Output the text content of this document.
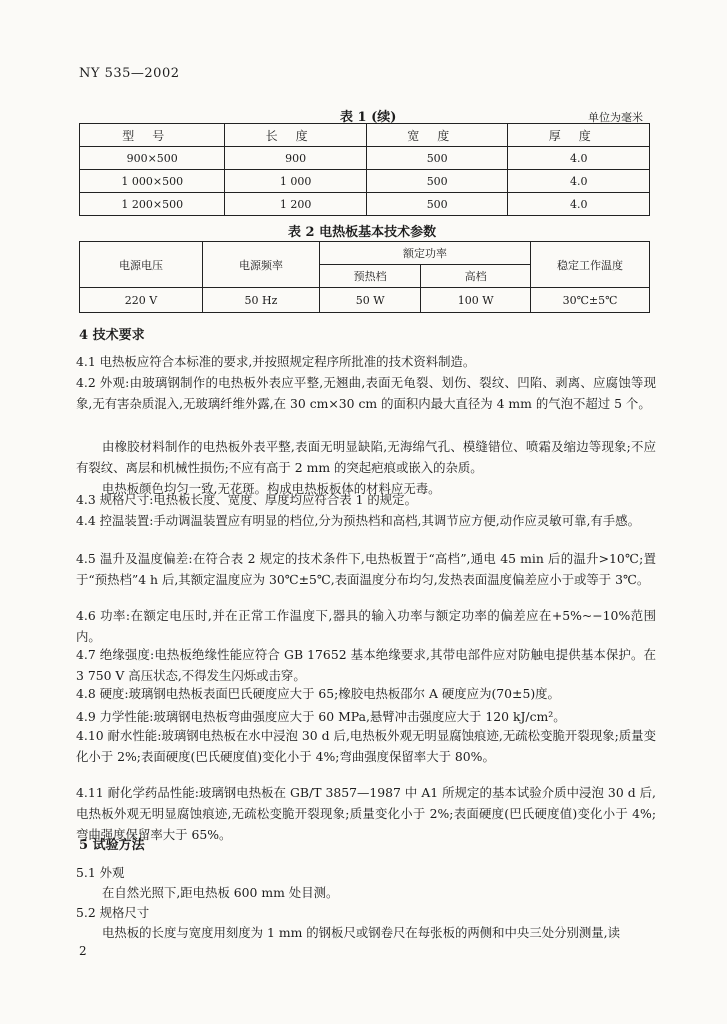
NY 535—2002
表 1 (续)	单位为毫米
型号	长度	宽度	厚度
900×500	900	500	4.0
1 000×500	1 000	500	4.0
1 200×500	1 200	500	4.0
表 2 电热板基本技术参数
电源电压	电源频率	额定功率		稳定工作温度
		预热档	高档	
220 V	50 Hz	50 W	100 W	30℃±5℃
4 技术要求
4.1 电热板应符合本标准的要求,并按照规定程序所批准的技术资料制造。
4.2 外观:由玻璃钢制作的电热板外表应平整,无翘曲,表面无龟裂、划伤、裂纹、凹陷、剥离、应腐蚀等现象,无有害杂质混入,无玻璃纤维外露,在 30 cm×30 cm 的面积内最大直径为 4 mm 的气泡不超过 5 个。
由橡胶材料制作的电热板外表平整,表面无明显缺陷,无海绵气孔、模缝错位、喷霜及缩边等现象;不应有裂纹、离层和机械性损伤;不应有高于 2 mm 的突起疤痕或嵌入的杂质。
电热板颜色均匀一致,无花斑。构成电热板板体的材料应无毒。
4.3 规格尺寸:电热板长度、宽度、厚度均应符合表 1 的规定。
4.4 控温装置:手动调温装置应有明显的档位,分为预热档和高档,其调节应方便,动作应灵敏可靠,有手感。
4.5 温升及温度偏差:在符合表 2 规定的技术条件下,电热板置于“高档”,通电 45 min 后的温升>10℃;置于“预热档”4 h 后,其额定温度应为 30℃±5℃,表面温度分布均匀,发热表面温度偏差应小于或等于 3℃。
4.6 功率:在额定电压时,并在正常工作温度下,器具的输入功率与额定功率的偏差应在+5%~−10%范围内。
4.7 绝缘强度:电热板绝缘性能应符合 GB 17652 基本绝缘要求,其带电部件应对防触电提供基本保护。在 3 750 V 高压状态,不得发生闪烁或击穿。
4.8 硬度:玻璃钢电热板表面巴氏硬度应大于 65;橡胶电热板邵尔 A 硬度应为(70±5)度。
4.9 力学性能:玻璃钢电热板弯曲强度应大于 60 MPa,悬臂冲击强度应大于 120 kJ/cm²。
4.10 耐水性能:玻璃钢电热板在水中浸泡 30 d 后,电热板外观无明显腐蚀痕迹,无疏松变脆开裂现象;质量变化小于 2%;表面硬度(巴氏硬度值)变化小于 4%;弯曲强度保留率大于 80%。
4.11 耐化学药品性能:玻璃钢电热板在 GB/T 3857—1987 中 A1 所规定的基本试验介质中浸泡 30 d 后,电热板外观无明显腐蚀痕迹,无疏松变脆开裂现象;质量变化小于 2%;表面硬度(巴氏硬度值)变化小于 4%;弯曲强度保留率大于 65%。
5 试验方法
5.1 外观
在自然光照下,距电热板 600 mm 处目测。
5.2 规格尺寸
电热板的长度与宽度用刻度为 1 mm 的钢板尺或钢卷尺在每张板的两侧和中央三处分别测量,读
2
